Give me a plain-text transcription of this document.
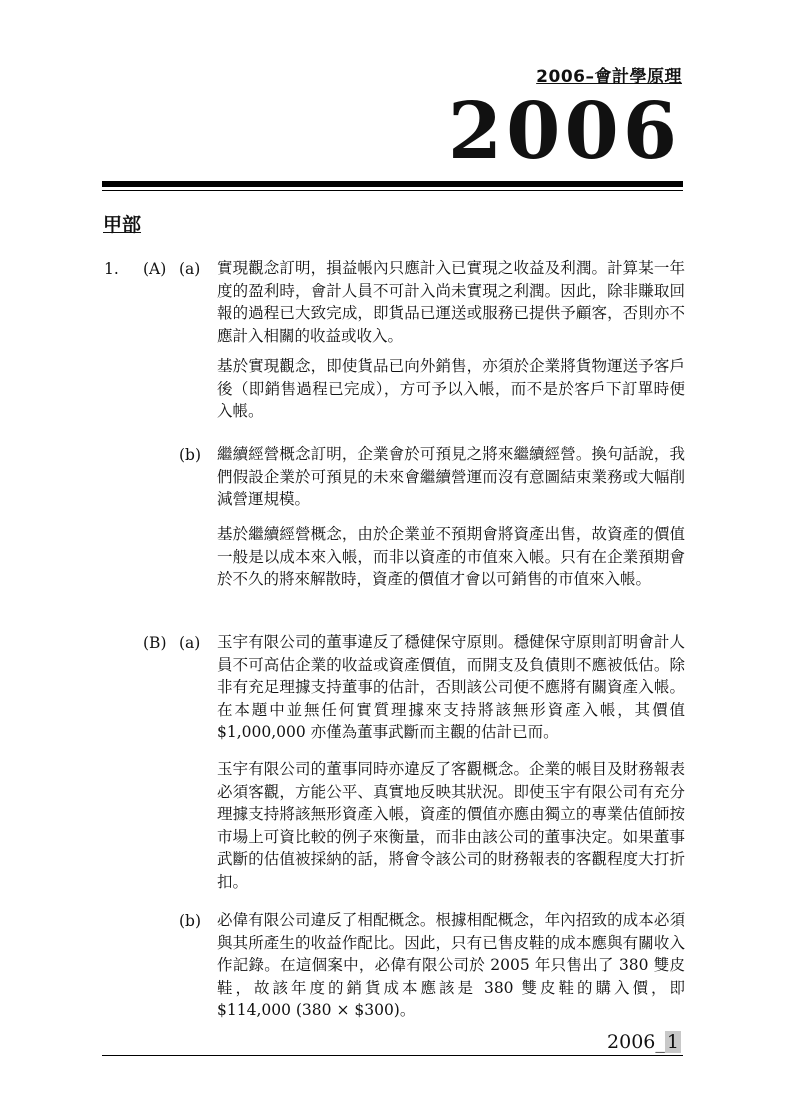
2006–會計學原理
2006
甲部
1. (A) (a) 實現觀念訂明，損益帳內只應計入已實現之收益及利潤。計算某一年度的盈利時，會計人員不可計入尚未實現之利潤。因此，除非賺取回報的過程已大致完成，即貨品已運送或服務已提供予顧客，否則亦不應計入相關的收益或收入。
基於實現觀念，即使貨品已向外銷售，亦須於企業將貨物運送予客戶後（即銷售過程已完成），方可予以入帳，而不是於客戶下訂單時便入帳。
(b) 繼續經營概念訂明，企業會於可預見之將來繼續經營。換句話說，我們假設企業於可預見的未來會繼續營運而沒有意圖結束業務或大幅削減營運規模。
基於繼續經營概念，由於企業並不預期會將資產出售，故資產的價值一般是以成本來入帳，而非以資產的市值來入帳。只有在企業預期會於不久的將來解散時，資產的價值才會以可銷售的市值來入帳。
(B) (a) 玉宇有限公司的董事違反了穩健保守原則。穩健保守原則訂明會計人員不可高估企業的收益或資產價值，而開支及負債則不應被低估。除非有充足理據支持董事的估計，否則該公司便不應將有關資產入帳。在本題中並無任何實質理據來支持將該無形資產入帳，其價值$1,000,000 亦僅為董事武斷而主觀的估計已而。
玉宇有限公司的董事同時亦違反了客觀概念。企業的帳目及財務報表必須客觀，方能公平、真實地反映其狀況。即使玉宇有限公司有充分理據支持將該無形資產入帳，資產的價值亦應由獨立的專業估值師按市場上可資比較的例子來衡量，而非由該公司的董事決定。如果董事武斷的估值被採納的話，將會令該公司的財務報表的客觀程度大打折扣。
(b) 必偉有限公司違反了相配概念。根據相配概念，年內招致的成本必須與其所產生的收益作配比。因此，只有已售皮鞋的成本應與有關收入作記錄。在這個案中，必偉有限公司於 2005 年只售出了 380 雙皮鞋，故該年度的銷貨成本應該是 380 雙皮鞋的購入價，即$114,000 (380 × $300)。
2006_ 1
